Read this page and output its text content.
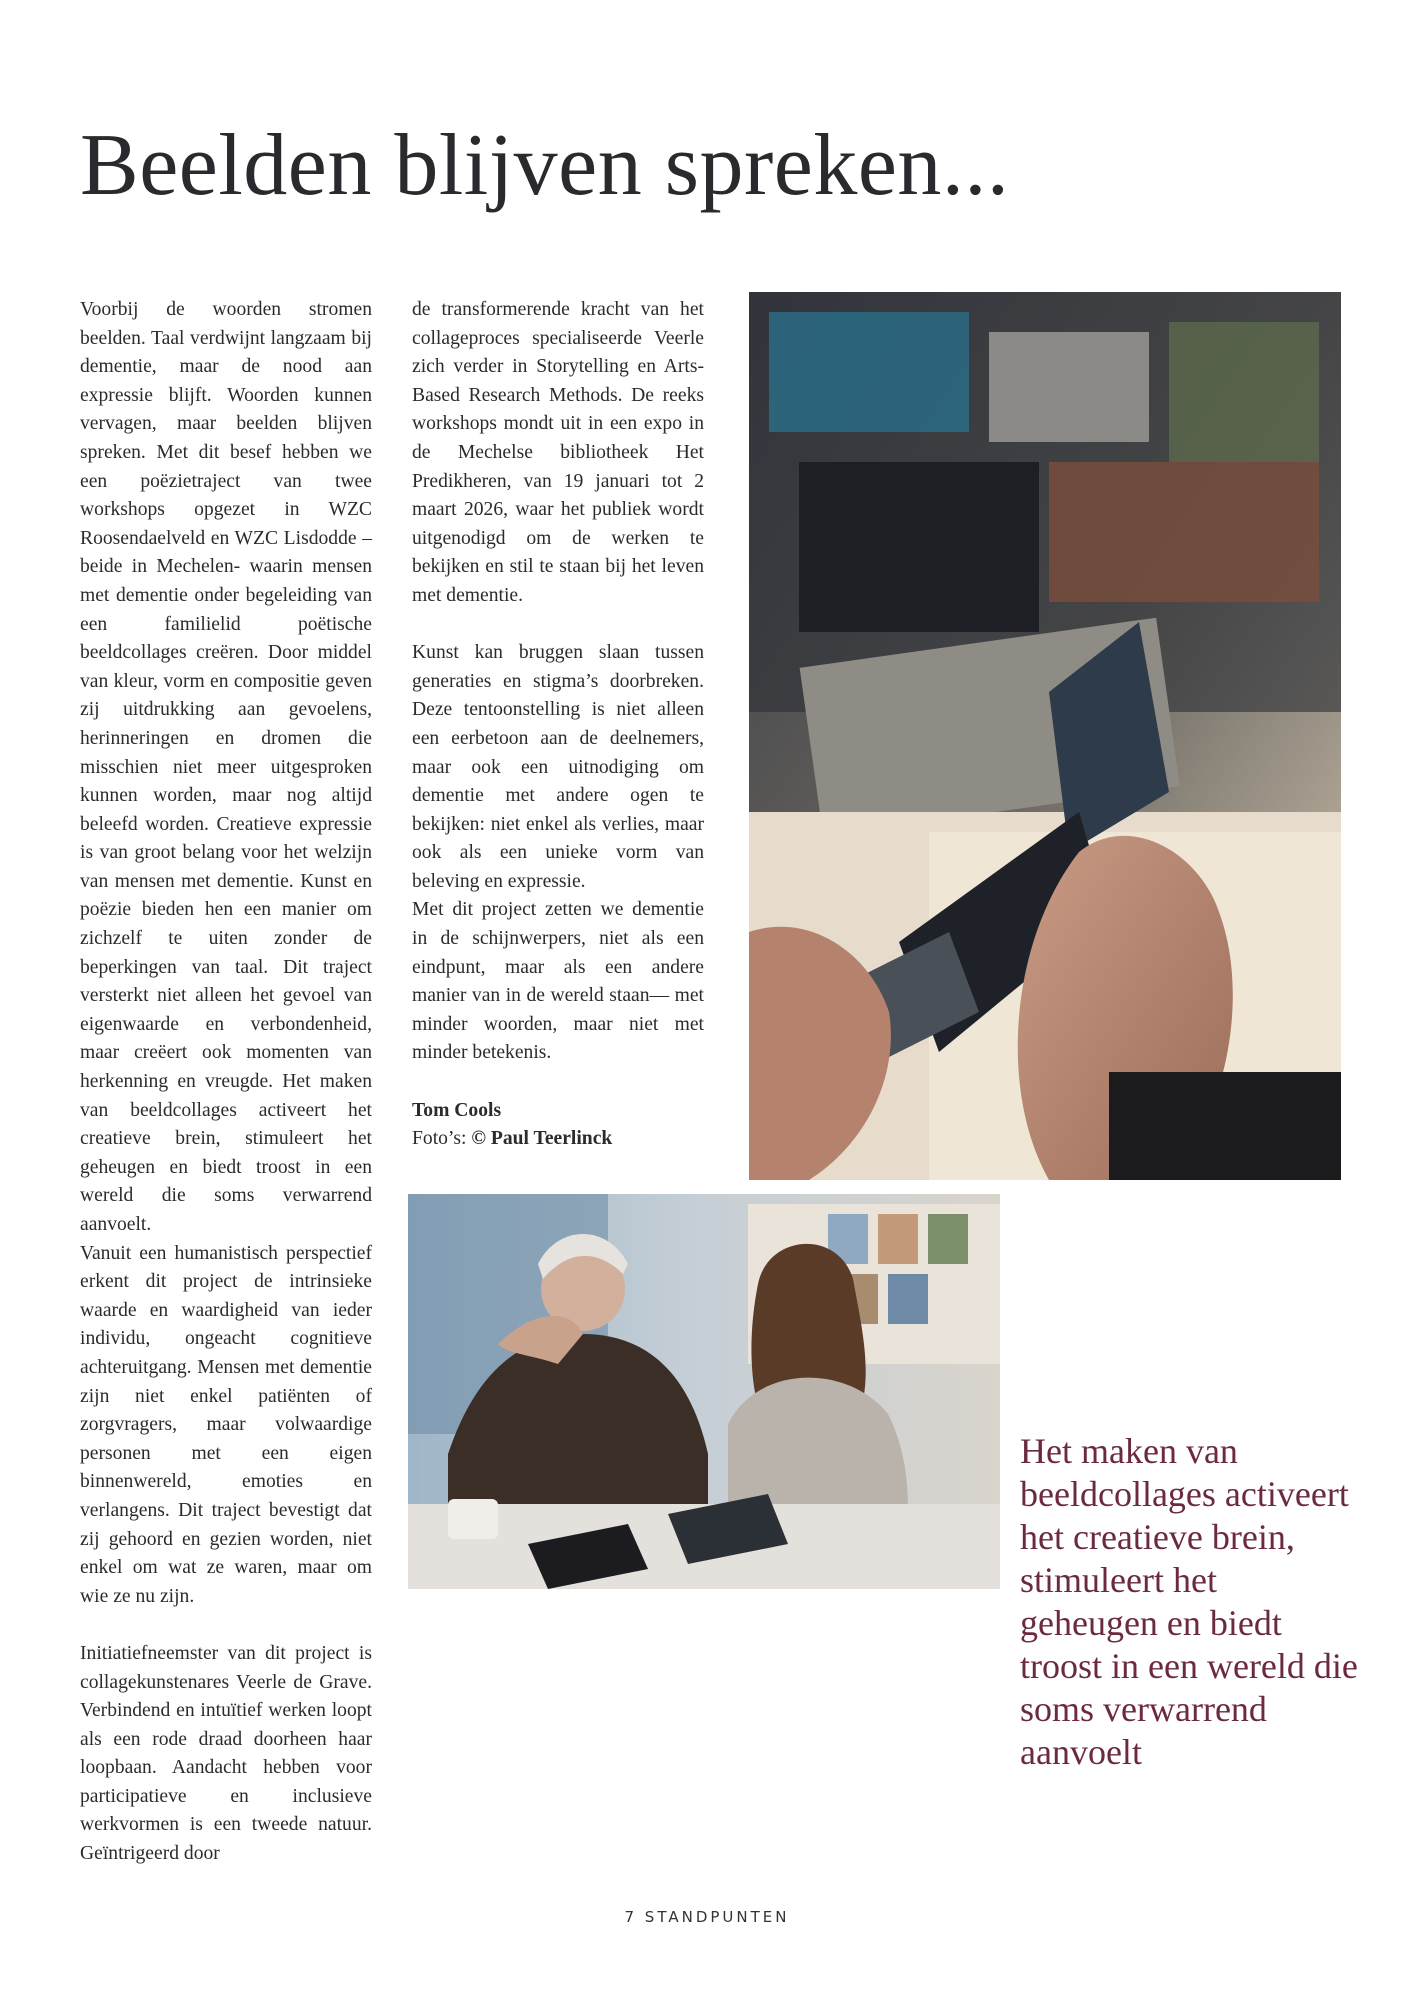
Beelden blijven spreken...

Voorbij de woorden stromen beelden. Taal verdwijnt langzaam bij dementie, maar de nood aan expressie blijft. Woorden kunnen vervagen, maar beelden blijven spreken. Met dit besef hebben we een poëzietraject van twee workshops opgezet in WZC Roosendaelveld en WZC Lisdodde – beide in Mechelen- waarin mensen met dementie onder begeleiding van een familielid poëtische beeldcollages creëren. Door middel van kleur, vorm en compositie geven zij uitdrukking aan gevoelens, herinneringen en dromen die misschien niet meer uitgesproken kunnen worden, maar nog altijd beleefd worden. Creatieve expressie is van groot belang voor het welzijn van mensen met dementie. Kunst en poëzie bieden hen een manier om zichzelf te uiten zonder de beperkingen van taal. Dit traject versterkt niet alleen het gevoel van eigenwaarde en verbondenheid, maar creëert ook momenten van herkenning en vreugde. Het maken van beeldcollages activeert het creatieve brein, stimuleert het geheugen en biedt troost in een wereld die soms verwarrend aanvoelt.

Vanuit een humanistisch perspectief erkent dit project de intrinsieke waarde en waardigheid van ieder individu, ongeacht cognitieve achteruitgang. Mensen met dementie zijn niet enkel patiënten of zorgvragers, maar volwaardige personen met een eigen binnenwereld, emoties en verlangens. Dit traject bevestigt dat zij gehoord en gezien worden, niet enkel om wat ze waren, maar om wie ze nu zijn.

Initiatiefneemster van dit project is collagekunstenares Veerle de Grave. Verbindend en intuïtief werken loopt als een rode draad doorheen haar loopbaan. Aandacht hebben voor participatieve en inclusieve werkvormen is een tweede natuur. Geïntrigeerd door

de transformerende kracht van het collageproces specialiseerde Veerle zich verder in Storytelling en Arts- Based Research Methods. De reeks workshops mondt uit in een expo in de Mechelse bibliotheek Het Predikheren, van 19 januari tot 2 maart 2026, waar het publiek wordt uitgenodigd om de werken te bekijken en stil te staan bij het leven met dementie.

Kunst kan bruggen slaan tussen generaties en stigma’s doorbreken. Deze tentoonstelling is niet alleen een eerbetoon aan de deelnemers, maar ook een uitnodiging om dementie met andere ogen te bekijken: niet enkel als verlies, maar ook als een unieke vorm van beleving en expressie.

Met dit project zetten we dementie in de schijnwerpers, niet als een eindpunt, maar als een andere manier van in de wereld staan— met minder woorden, maar niet met minder betekenis.

Tom Cools
Foto’s: © Paul Teerlinck
Het maken van beeldcollages activeert het creatieve brein, stimuleert het geheugen en biedt troost in een wereld die soms verwarrend aanvoelt
7 STANDPUNTEN
